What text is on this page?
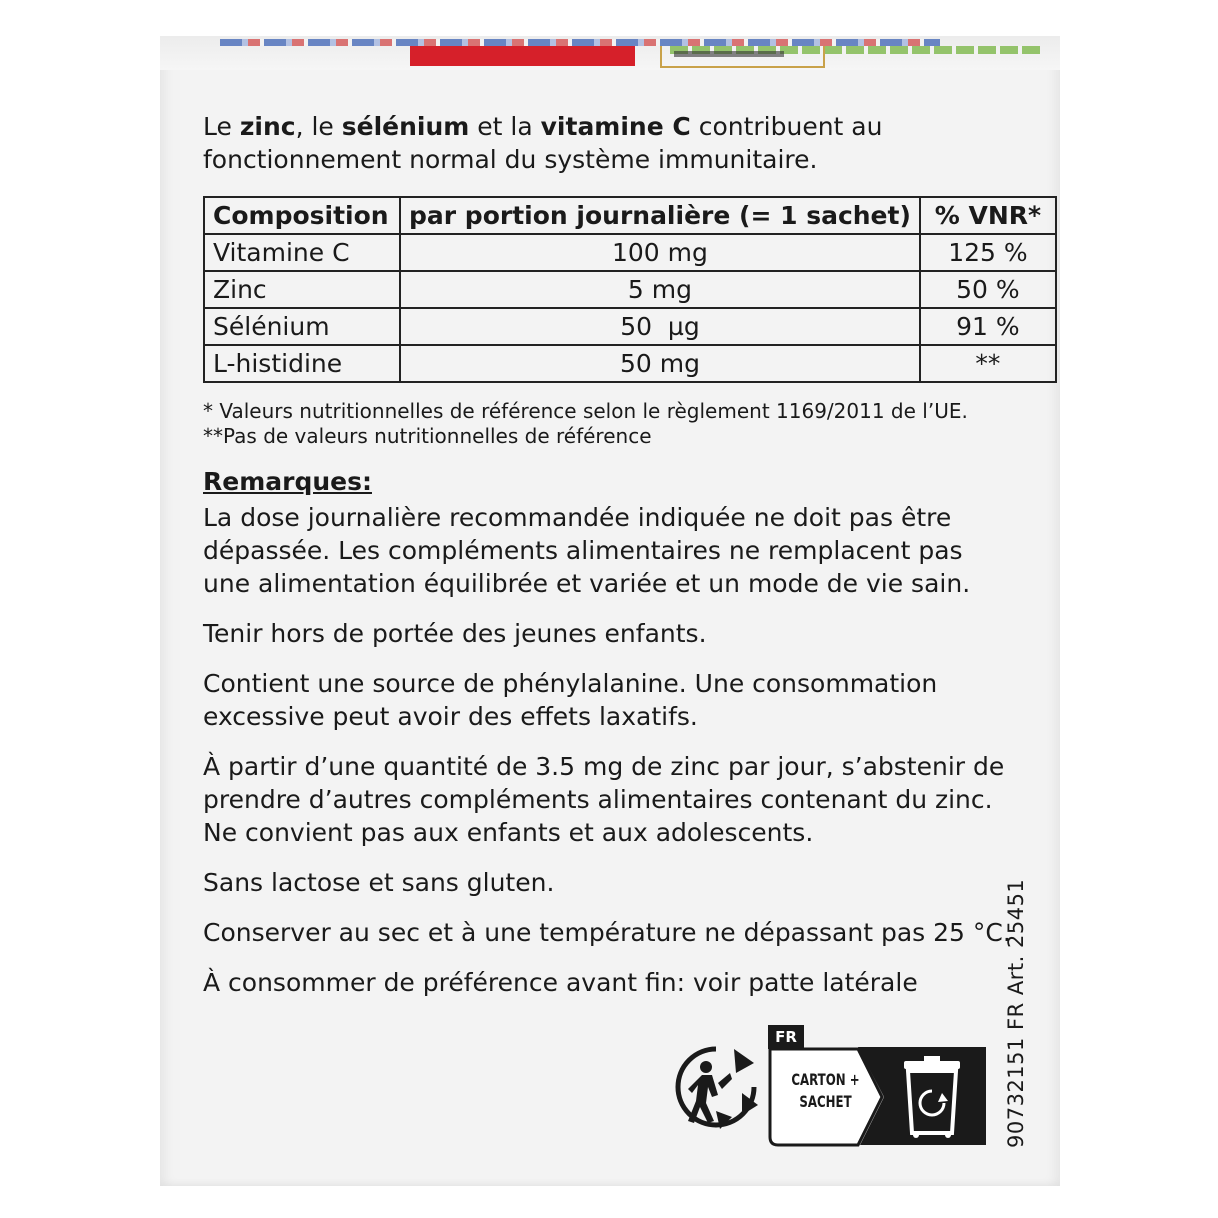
Le zinc, le sélénium et la vitamine C contribuent au fonctionnement normal du système immunitaire.

Composition	par portion journalière (= 1 sachet)	% VNR*
Vitamine C	100 mg	125 %
Zinc	5 mg	50 %
Sélénium	50  µg	91 %
L-histidine	50 mg	**
* Valeurs nutritionnelles de référence selon le règlement 1169/2011 de l’UE.
**Pas de valeurs nutritionnelles de référence
Remarques:

La dose journalière recommandée indiquée ne doit pas être dépassée. Les compléments alimentaires ne remplacent pas une alimentation équilibrée et variée et un mode de vie sain.

Tenir hors de portée des jeunes enfants.

Contient une source de phénylalanine. Une consommation excessive peut avoir des effets laxatifs.

À partir d’une quantité de 3.5 mg de zinc par jour, s’abstenir de prendre d’autres compléments alimentaires contenant du zinc. Ne convient pas aux enfants et aux adolescents.

Sans lactose et sans gluten.

Conserver au sec et à une température ne dépassant pas 25 °C.

À consommer de préférence avant fin: voir patte latérale

FR
CARTON +
SACHET	90732151 FR Art. 25451
